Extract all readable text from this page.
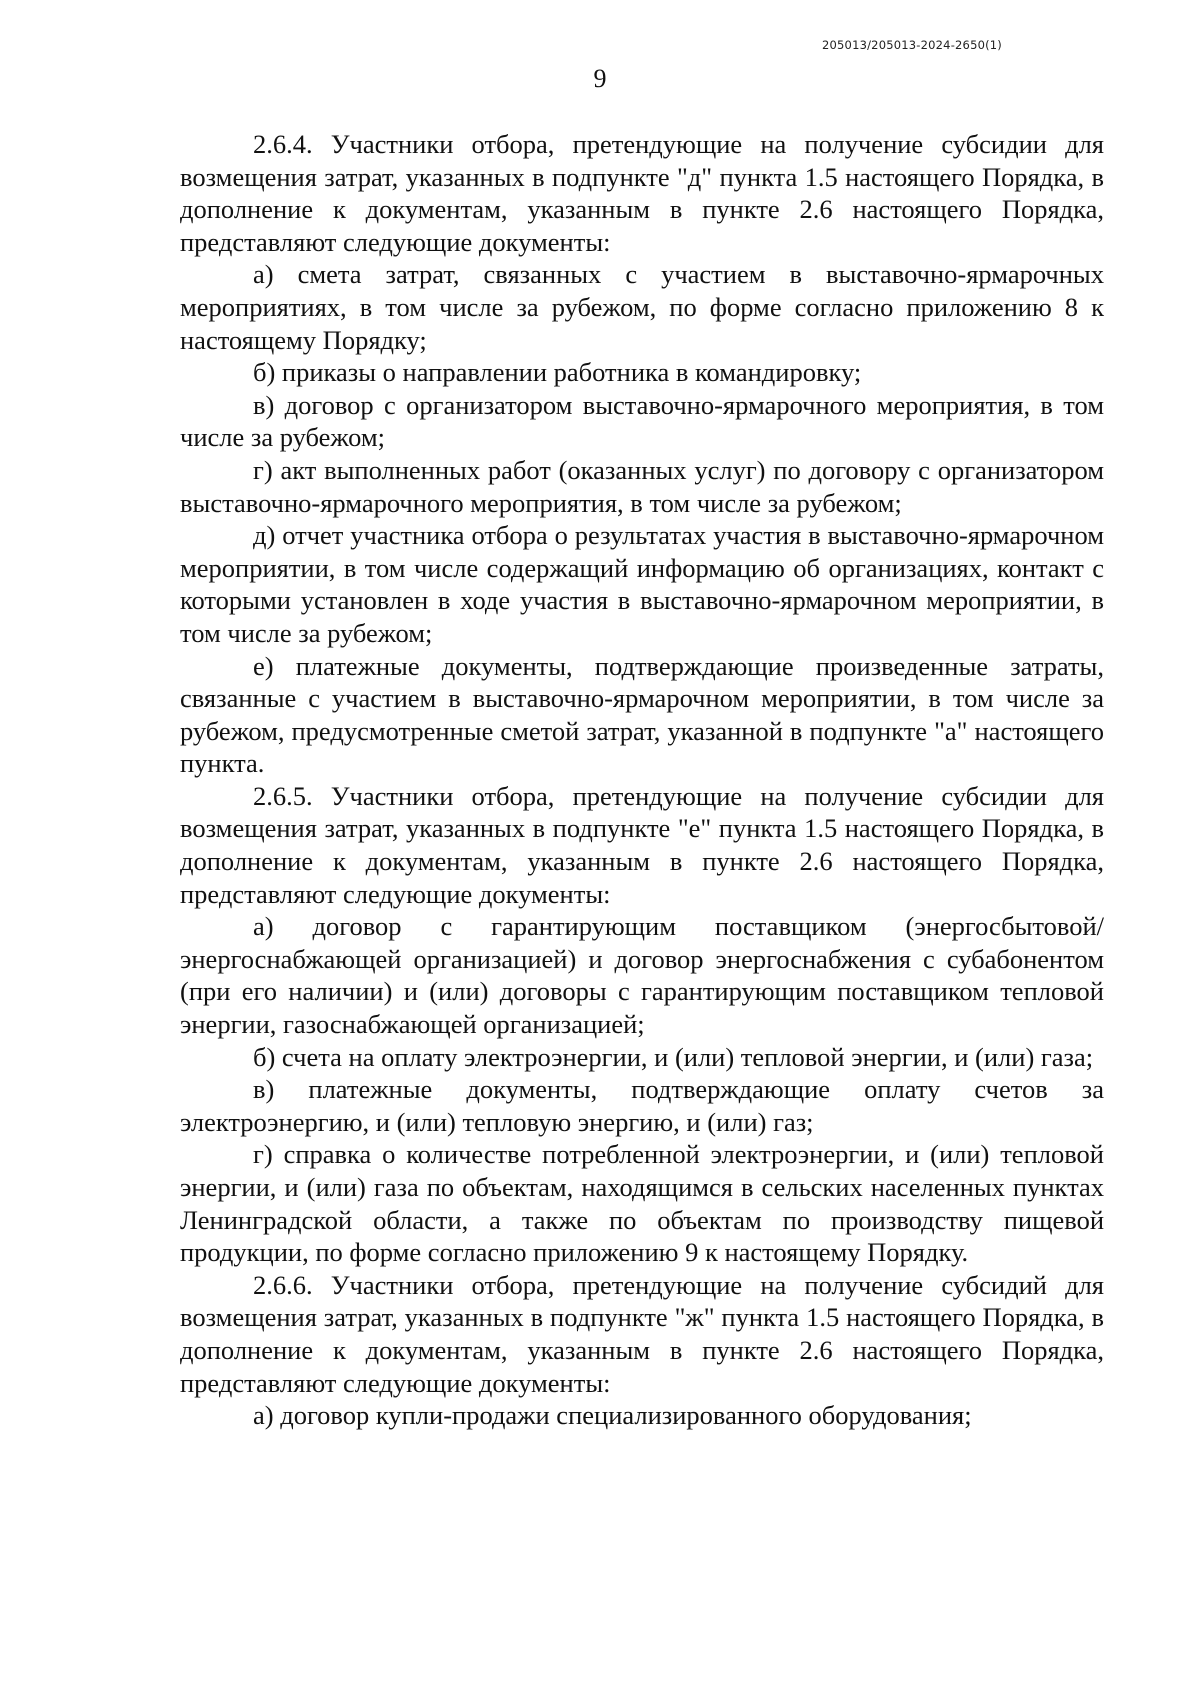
205013/205013-2024-2650(1)
9

2.6.4. Участники отбора, претендующие на получение субсидии для возмещения затрат, указанных в подпункте "д" пункта 1.5 настоящего Порядка, в дополнение к документам, указанным в пункте 2.6 настоящего Порядка, представляют следующие документы:

а) смета затрат, связанных с участием в выставочно-ярмарочных мероприятиях, в том числе за рубежом, по форме согласно приложению 8 к настоящему Порядку;

б) приказы о направлении работника в командировку;

в) договор с организатором выставочно-ярмарочного мероприятия, в том числе за рубежом;

г) акт выполненных работ (оказанных услуг) по договору с организатором выставочно-ярмарочного мероприятия, в том числе за рубежом;

д) отчет участника отбора о результатах участия в выставочно-ярмарочном мероприятии, в том числе содержащий информацию об организациях, контакт с которыми установлен в ходе участия в выставочно-ярмарочном мероприятии, в том числе за рубежом;

е) платежные документы, подтверждающие произведенные затраты, связанные с участием в выставочно-ярмарочном мероприятии, в том числе за рубежом, предусмотренные сметой затрат, указанной в подпункте "а" настоящего пункта.

2.6.5. Участники отбора, претендующие на получение субсидии для возмещения затрат, указанных в подпункте "е" пункта 1.5 настоящего Порядка, в дополнение к документам, указанным в пункте 2.6 настоящего Порядка, представляют следующие документы:

а) договор с гарантирующим поставщиком (энергосбытовой/ энергоснабжающей организацией) и договор энергоснабжения с субабонентом (при его наличии) и (или) договоры с гарантирующим поставщиком тепловой энергии, газоснабжающей организацией;

б) счета на оплату электроэнергии, и (или) тепловой энергии, и (или) газа;

в) платежные документы, подтверждающие оплату счетов за электроэнергию, и (или) тепловую энергию, и (или) газ;

г) справка о количестве потребленной электроэнергии, и (или) тепловой энергии, и (или) газа по объектам, находящимся в сельских населенных пунктах Ленинградской области, а также по объектам по производству пищевой продукции, по форме согласно приложению 9 к настоящему Порядку.

2.6.6. Участники отбора, претендующие на получение субсидий для возмещения затрат, указанных в подпункте "ж" пункта 1.5 настоящего Порядка, в дополнение к документам, указанным в пункте 2.6 настоящего Порядка, представляют следующие документы:

а) договор купли-продажи специализированного оборудования;
